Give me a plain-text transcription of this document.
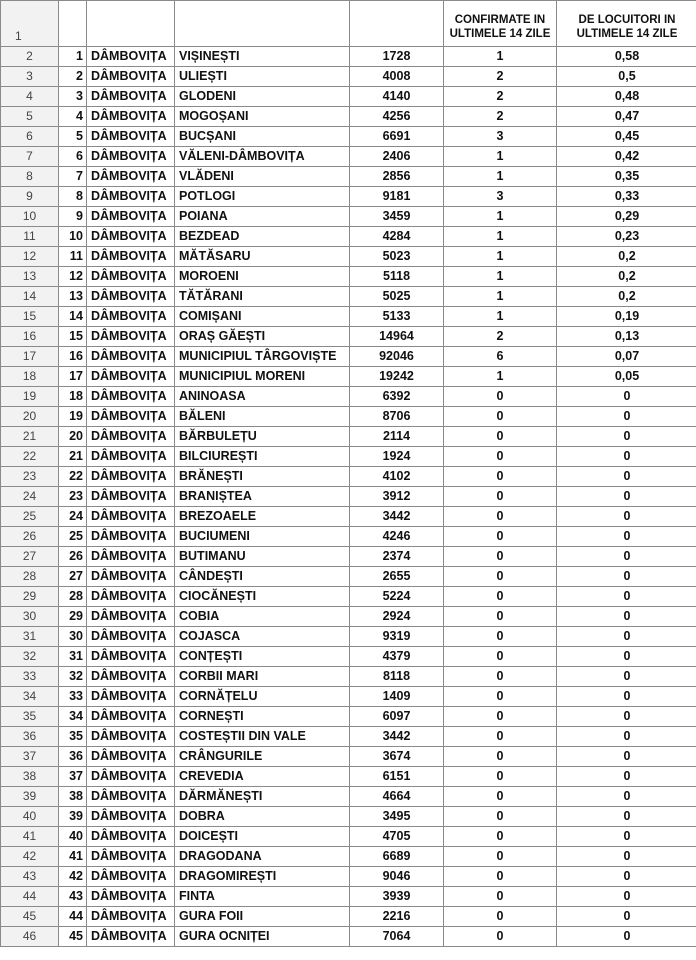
1					CONFIRMATE IN ULTIMELE 14 ZILE	DE LOCUITORI IN ULTIMELE 14 ZILE
2	1	DÂMBOVIȚA	VIȘINEȘTI	1728	1	0,58
3	2	DÂMBOVIȚA	ULIEȘTI	4008	2	0,5
4	3	DÂMBOVIȚA	GLODENI	4140	2	0,48
5	4	DÂMBOVIȚA	MOGOȘANI	4256	2	0,47
6	5	DÂMBOVIȚA	BUCȘANI	6691	3	0,45
7	6	DÂMBOVIȚA	VĂLENI-DÂMBOVIȚA	2406	1	0,42
8	7	DÂMBOVIȚA	VLĂDENI	2856	1	0,35
9	8	DÂMBOVIȚA	POTLOGI	9181	3	0,33
10	9	DÂMBOVIȚA	POIANA	3459	1	0,29
11	10	DÂMBOVIȚA	BEZDEAD	4284	1	0,23
12	11	DÂMBOVIȚA	MĂTĂSARU	5023	1	0,2
13	12	DÂMBOVIȚA	MOROENI	5118	1	0,2
14	13	DÂMBOVIȚA	TĂTĂRANI	5025	1	0,2
15	14	DÂMBOVIȚA	COMIȘANI	5133	1	0,19
16	15	DÂMBOVIȚA	ORAȘ GĂEȘTI	14964	2	0,13
17	16	DÂMBOVIȚA	MUNICIPIUL TÂRGOVIȘTE	92046	6	0,07
18	17	DÂMBOVIȚA	MUNICIPIUL MORENI	19242	1	0,05
19	18	DÂMBOVIȚA	ANINOASA	6392	0	0
20	19	DÂMBOVIȚA	BĂLENI	8706	0	0
21	20	DÂMBOVIȚA	BĂRBULEȚU	2114	0	0
22	21	DÂMBOVIȚA	BILCIUREȘTI	1924	0	0
23	22	DÂMBOVIȚA	BRĂNEȘTI	4102	0	0
24	23	DÂMBOVIȚA	BRANIȘTEA	3912	0	0
25	24	DÂMBOVIȚA	BREZOAELE	3442	0	0
26	25	DÂMBOVIȚA	BUCIUMENI	4246	0	0
27	26	DÂMBOVIȚA	BUTIMANU	2374	0	0
28	27	DÂMBOVIȚA	CÂNDEȘTI	2655	0	0
29	28	DÂMBOVIȚA	CIOCĂNEȘTI	5224	0	0
30	29	DÂMBOVIȚA	COBIA	2924	0	0
31	30	DÂMBOVIȚA	COJASCA	9319	0	0
32	31	DÂMBOVIȚA	CONȚEȘTI	4379	0	0
33	32	DÂMBOVIȚA	CORBII MARI	8118	0	0
34	33	DÂMBOVIȚA	CORNĂȚELU	1409	0	0
35	34	DÂMBOVIȚA	CORNEȘTI	6097	0	0
36	35	DÂMBOVIȚA	COSTEȘTII DIN VALE	3442	0	0
37	36	DÂMBOVIȚA	CRÂNGURILE	3674	0	0
38	37	DÂMBOVIȚA	CREVEDIA	6151	0	0
39	38	DÂMBOVIȚA	DĂRMĂNEȘTI	4664	0	0
40	39	DÂMBOVIȚA	DOBRA	3495	0	0
41	40	DÂMBOVIȚA	DOICEȘTI	4705	0	0
42	41	DÂMBOVIȚA	DRAGODANA	6689	0	0
43	42	DÂMBOVIȚA	DRAGOMIREȘTI	9046	0	0
44	43	DÂMBOVIȚA	FINTA	3939	0	0
45	44	DÂMBOVIȚA	GURA FOII	2216	0	0
46	45	DÂMBOVIȚA	GURA OCNIȚEI	7064	0	0
